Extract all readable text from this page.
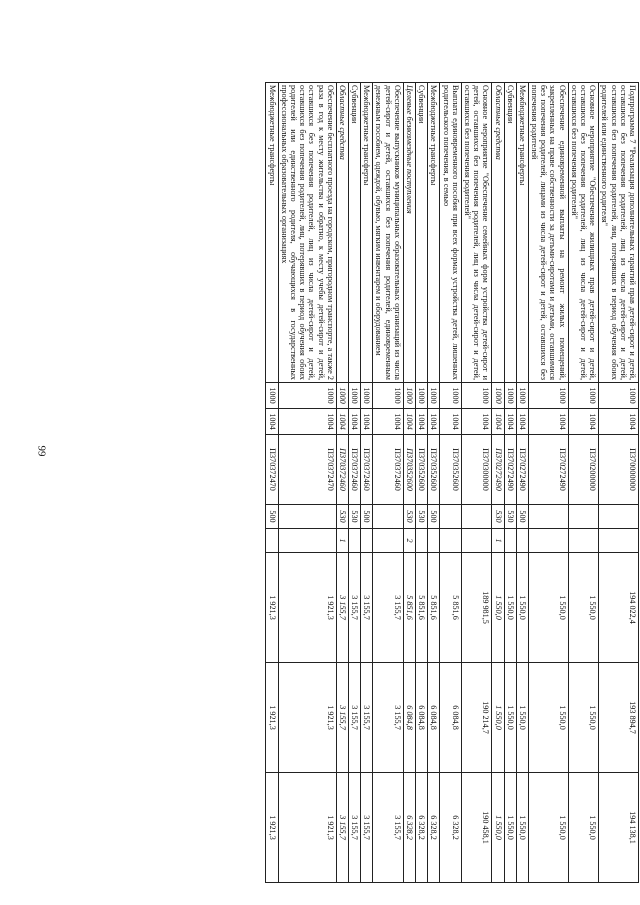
99
Подпрограмма 7 "Реализация дополнительных гарантий прав детей-сирот и детей, оставшихся без попечения родителей, лиц из числа детей-сирот и детей, оставшихся без попечения родителей, лиц, потерявших в период обучения обоих родителей или единственного родителя"	1000	1004	П370000000			194 022,4	193 894,7	194 138,1
Основное мероприятие "Обеспечение жилищных прав детей-сирот и детей, оставшихся без попечения родителей, лиц из числа детей-сирот и детей, оставшихся без попечения родителей"	1000	1004	П370200000			1 550,0	1 550,0	1 550,0
Обеспечение единовременной выплаты на ремонт жилых помещений, закрепленных на праве собственности за детьми-сиротами и детьми, оставшимися без попечения родителей, лицами из числа детей-сирот и детей, оставшихся без попечения родителей	1000	1004	П370272490			1 550,0	1 550,0	1 550,0
Межбюджетные трансферты	1000	1004	П370272490	500		1 550,0	1 550,0	1 550,0
Субвенции	1000	1004	П370272490	530		1 550,0	1 550,0	1 550,0
Областные средства	1000	1004	П370272490	530	1	1 550,0	1 550,0	1 550,0
Основное мероприятие "Обеспечение семейных форм устройства детей-сирот и детей, оставшихся без попечения родителей, лиц из числа детей-сирот и детей, оставшихся без попечения родителей"	1000	1004	П370300000			189 981,5	190 214,7	190 458,1
Выплата единовременного пособия при всех формах устройства детей, лишенных родительского попечения, в семью	1000	1004	П370352600			5 851,6	6 084,8	6 328,2
Межбюджетные трансферты	1000	1004	П370352600	500		5 851,6	6 084,8	6 328,2
Субвенции	1000	1004	П370352600	530		5 851,6	6 084,8	6 328,2
Целевые безвозмездные поступления	1000	1004	П370352600	530	2	5 851,6	6 084,8	6 328,2
Обеспечение выпускников муниципальных образовательных организаций из числа детей-сирот и детей, оставшихся без попечения родителей, единовременным денежным пособием, одеждой, обувью, мягким инвентарем и оборудованием	1000	1004	П370372460			3 155,7	3 155,7	3 155,7
Межбюджетные трансферты	1000	1004	П370372460	500		3 155,7	3 155,7	3 155,7
Субвенции	1000	1004	П370372460	530		3 155,7	3 155,7	3 155,7
Областные средства	1000	1004	П370372460	530	1	3 155,7	3 155,7	3 155,7
Обеспечение бесплатного проезда на городском, пригородном транспорте, а также 2 раза в год к месту жительства и обратно, к месту учебы детей-сирот и детей, оставшихся без попечения родителей, лиц из числа детей-сирот и детей, оставшихся без попечения родителей, лиц, потерявших в период обучения обоих родителей или единственного родителя, обучающихся в государственных профессиональных образовательных организациях	1000	1004	П370372470			1 921,3	1 921,3	1 921,3
Межбюджетные трансферты	1000	1004	П370372470	500		1 921,3	1 921,3	1 921,3
